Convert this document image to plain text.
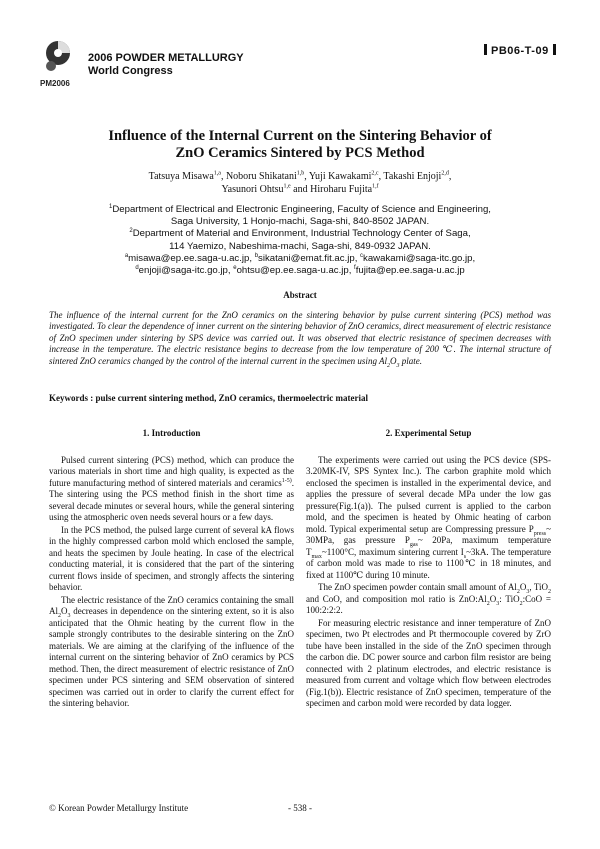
PM2006
2006 POWDER METALLURGY
World Congress
PB06-T-09
Influence of the Internal Current on the Sintering Behavior of
ZnO Ceramics Sintered by PCS Method
Tatsuya Misawa$^{1,a}$, Noboru Shikatani$^{1,b}$, Yuji Kawakami$^{2,c}$, Takashi Enjoji$^{2,d}$,
Yasunori Ohtsu$^{1,e}$ and Hiroharu Fujita$^{1,f}$
$^1$Department of Electrical and Electronic Engineering, Faculty of Science and Engineering,
Saga University, 1 Honjo-machi, Saga-shi, 840-8502 JAPAN.
$^2$Department of Material and Environment, Industrial Technology Center of Saga,
114 Yaemizo, Nabeshima-machi, Saga-shi, 849-0932 JAPAN.
$^a$misawa@ep.ee.saga-u.ac.jp, $^b$sikatani@emat.fit.ac.jp, $^c$kawakami@saga-itc.go.jp,
$^d$enjoji@saga-itc.go.jp, $^e$ohtsu@ep.ee.saga-u.ac.jp, $^f$fujita@ep.ee.saga-u.ac.jp
Abstract
The influence of the internal current for the ZnO ceramics on the sintering behavior by pulse current sintering (PCS) method was investigated. To clear the dependence of inner current on the sintering behavior of ZnO ceramics, direct measurement of electric resistance of ZnO specimen under sintering by SPS device was carried out. It was observed that electric resistance of specimen decreases with increase in the temperature. The electric resistance begins to decrease from the low temperature of 200 ℃. The internal structure of sintered ZnO ceramics changed by the control of the internal current in the specimen using $Al_2O_3$ plate.
Keywords : pulse current sintering method, ZnO ceramics, thermoelectric material
1. Introduction

Pulsed current sintering (PCS) method, which can produce the various materials in short time and high quality, is expected as the future manufacturing method of sintered materials and ceramics$^{1-5)}$. The sintering using the PCS method finish in the short time as several decade minutes or several hours, while the general sintering using the atmospheric oven needs several hours or a few days.

In the PCS method, the pulsed large current of several kA flows in the highly compressed carbon mold which enclosed the sample, and heats the specimen by Joule heating. In case of the electrical conducting material, it is considered that the part of the sintering current flows inside of specimen, and strongly affects the sintering behavior.

The electric resistance of the ZnO ceramics containing the small $Al_2O_3$ decreases in dependence on the sintering extent, so it is also anticipated that the Ohmic heating by the current flow in the sample strongly contributes to the desirable sintering on the ZnO materials. We are aiming at the clarifying of the influence of the internal current on the sintering behavior of ZnO ceramics by PCS method. Then, the direct measurement of electric resistance of ZnO specimen under PCS sintering and SEM observation of sintered specimen was carried out in order to clarify the current effect for the sintering behavior.

2. Experimental Setup

The experiments were carried out using the PCS device (SPS-3.20MK-IV, SPS Syntex Inc.). The carbon graphite mold which enclosed the specimen is installed in the experimental device, and applies the pressure of several decade MPa under the low gas pressure(Fig.1(a)). The pulsed current is applied to the carbon mold, and the specimen is heated by Ohmic heating of carbon mold. Typical experimental setup are Compressing pressure $P_{press}\sim$ 30MPa, gas pressure $P_{gas}\sim$ 20Pa, maximum temperature $T_{max}\sim 1100^\circ C$, maximum sintering current $I_s\sim 3kA$. The temperature of carbon mold was made to rise to 1100℃ in 18 minutes, and fixed at 1100℃ during 10 minute.

The ZnO specimen powder contain small amount of $Al_2O_3$, TiO$_2$ and CoO, and composition mol ratio is $ZnO:Al_2O_3$: TiO$_2$:CoO = 100:2:2:2.

For measuring electric resistance and inner temperature of ZnO specimen, two Pt electrodes and Pt thermocouple covered by ZrO tube have been installed in the side of the ZnO specimen through the carbon die. DC power source and carbon film resistor are being connected with 2 platinum electrodes, and electric resistance is measured from current and voltage which flow between electrodes (Fig.1(b)). Electric resistance of ZnO specimen, temperature of the specimen and carbon mold were recorded by data logger.

- 538 -
© Korean Powder Metallurgy Institute
